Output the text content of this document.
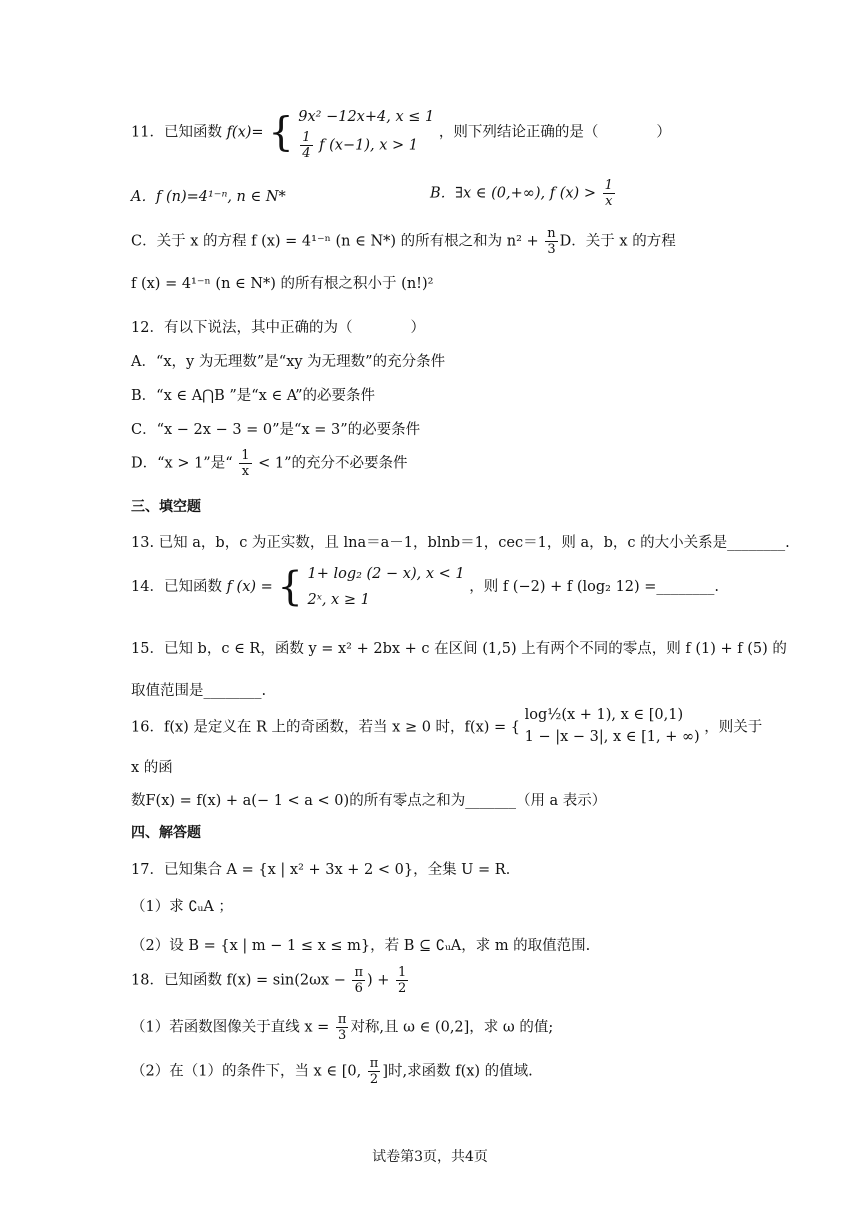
11．已知函数 f(x)= { 9x² −12x+4, x ≤ 1
$\frac{1}{4}$ f (x−1), x > 1
，则下列结论正确的是（	）
A．f (n)=4¹⁻ⁿ, n ∈ N*	B．∃x ∈ (0,+∞), f $(x) > \frac{1}{x}$
C．关于 x 的方程 f (x) = 4¹⁻ⁿ (n ∈ N*) 的所有根之和为 $n^2 + \frac{n}{3}$ D．关于 x 的方程
f (x) = 4¹⁻ⁿ (n ∈ N*) 的所有根之积小于 (n!)²
12．有以下说法，其中正确的为（	）
A．“x，y 为无理数”是“xy 为无理数”的充分条件
B．“x ∈ A⋂B ”是“x ∈ A”的必要条件
C．“x − 2x − 3 = 0”是“x = 3”的必要条件
D．“x > 1”是“ $\frac{1}{x} < 1$”的充分不必要条件
三、填空题
13. 已知 a，b，c 为正实数，且 lna＝a－1，blnb＝1，cec＝1，则 a，b，c 的大小关系是________.
14．已知函数 f (x) = { 1+ log₂ (2 − x), x < 1
2ˣ, x ≥ 1
，则 f (−2) + f (log₂ 12) =________.
15．已知 b，c ∈ R，函数 y = x² + 2bx + c 在区间 (1,5) 上有两个不同的零点，则 f (1) + f (5) 的
取值范围是________.
16．f(x) 是定义在 R 上的奇函数，若当 x ≥ 0 时，f(x) = {
log½(x + 1), x ∈ [0,1)
1 − |x − 3|, x ∈ [1, + ∞)
，则关于
x 的函
数F(x) = f(x) + a(− 1 < a < 0)的所有零点之和为_______（用 a 表示）
四、解答题
17．已知集合 A = {x | x² + 3x + 2 < 0}，全集 U = R．
（1）求 ∁ᵤA ；
（2）设 B = {x | m − 1 ≤ x ≤ m}，若 B ⊆ ∁ᵤA，求 m 的取值范围.
18．已知函数 $f(x) = \sin(2\omega x - \frac{\pi}{6}$ ) + $\frac{1}{2}$
（1）若函数图像关于直线 $x = \frac{\pi}{3}$ 对称,且 ω ∈ (0,2]，求 ω 的值;
（2）在（1）的条件下，当 x ∈ [0, $\frac{\pi}{2}$ ]时,求函数 f(x) 的值域.
试卷第3页，共4页
